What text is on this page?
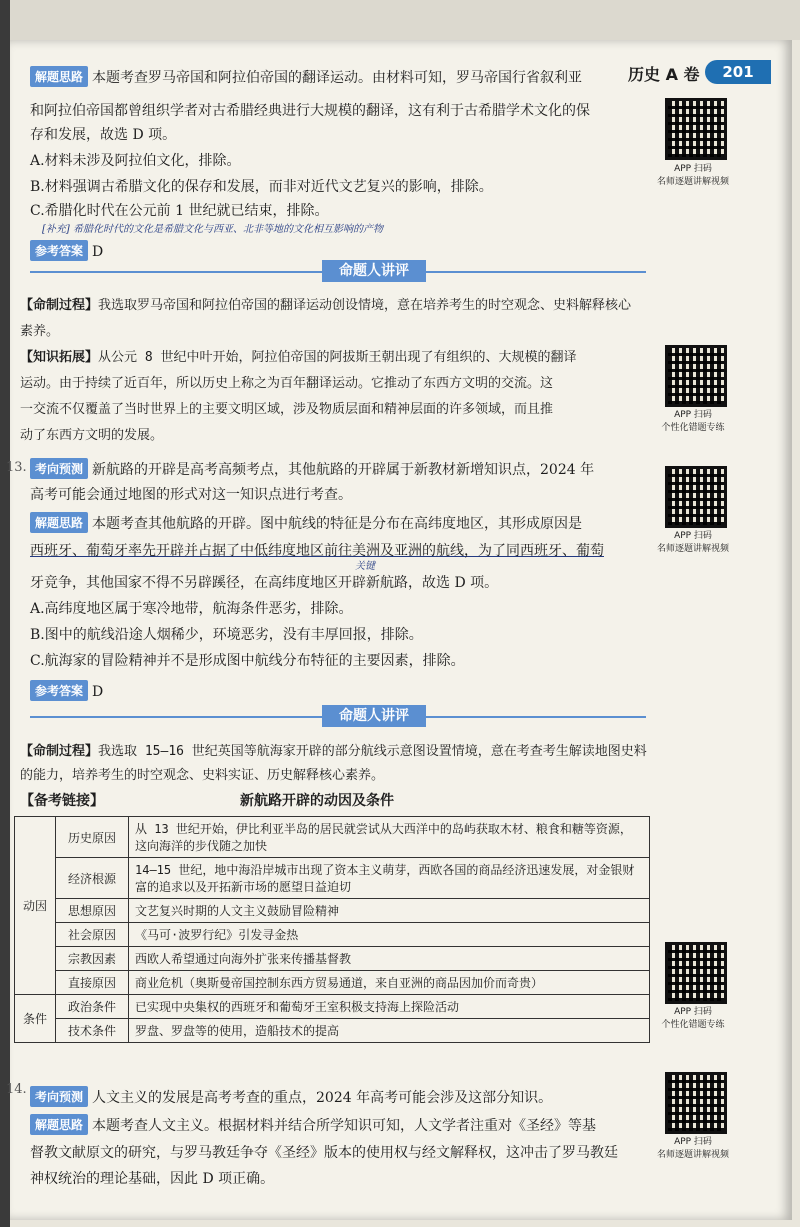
历史 A 卷	201
解题思路 本题考查罗马帝国和阿拉伯帝国的翻译运动。由材料可知，罗马帝国行省叙利亚
和阿拉伯帝国都曾组织学者对古希腊经典进行大规模的翻译，这有利于古希腊学术文化的保
存和发展，故选 D 项。
A.材料未涉及阿拉伯文化，排除。
B.材料强调古希腊文化的保存和发展，而非对近代文艺复兴的影响，排除。
C.希腊化时代在公元前 1 世纪就已结束，排除。
[补充] 希腊化时代的文化是希腊文化与西亚、北非等地的文化相互影响的产物
参考答案 D
命题人讲评
【命制过程】我选取罗马帝国和阿拉伯帝国的翻译运动创设情境，意在培养考生的时空观念、史料解释核心
素养。
【知识拓展】从公元 8 世纪中叶开始，阿拉伯帝国的阿拔斯王朝出现了有组织的、大规模的翻译
运动。由于持续了近百年，所以历史上称之为百年翻译运动。它推动了东西方文明的交流。这
一交流不仅覆盖了当时世界上的主要文明区域，涉及物质层面和精神层面的许多领域，而且推
动了东西方文明的发展。
13. 考向预测 新航路的开辟是高考高频考点，其他航路的开辟属于新教材新增知识点，2024 年
高考可能会通过地图的形式对这一知识点进行考查。
解题思路 本题考查其他航路的开辟。图中航线的特征是分布在高纬度地区，其形成原因是
西班牙、葡萄牙率先开辟并占据了中低纬度地区前往美洲及亚洲的航线，为了同西班牙、葡萄
关键
牙竞争，其他国家不得不另辟蹊径，在高纬度地区开辟新航路，故选 D 项。
A.高纬度地区属于寒冷地带，航海条件恶劣，排除。
B.图中的航线沿途人烟稀少，环境恶劣，没有丰厚回报，排除。
C.航海家的冒险精神并不是形成图中航线分布特征的主要因素，排除。
参考答案 D
命题人讲评
【命制过程】我选取 15—16 世纪英国等航海家开辟的部分航线示意图设置情境，意在考查考生解读地图史料
的能力，培养考生的时空观念、史料实证、历史解释核心素养。
【备考链接】	新航路开辟的动因及条件
动因	历史原因	从 13 世纪开始，伊比利亚半岛的居民就尝试从大西洋中的岛屿获取木材、粮食和糖等资源，这向海洋的步伐随之加快
	经济根源	14—15 世纪，地中海沿岸城市出现了资本主义萌芽，西欧各国的商品经济迅速发展，对金银财富的追求以及开拓新市场的愿望日益迫切
	思想原因	文艺复兴时期的人文主义鼓励冒险精神
	社会原因	《马可·波罗行纪》引发寻金热
	宗教因素	西欧人希望通过向海外扩张来传播基督教
	直接原因	商业危机（奥斯曼帝国控制东西方贸易通道，来自亚洲的商品因加价而奇贵）
条件	政治条件	已实现中央集权的西班牙和葡萄牙王室积极支持海上探险活动
	技术条件	罗盘、罗盘等的使用，造船技术的提高
14. 考向预测 人文主义的发展是高考考查的重点，2024 年高考可能会涉及这部分知识。
解题思路 本题考查人文主义。根据材料并结合所学知识可知，人文学者注重对《圣经》等基
督教文献原文的研究，与罗马教廷争夺《圣经》版本的使用权与经文解释权，这冲击了罗马教廷
神权统治的理论基础，因此 D 项正确。
APP 扫码
名师逐题讲解视频
APP 扫码
个性化错题专练
APP 扫码
名师逐题讲解视频
APP 扫码
个性化错题专练
APP 扫码
名师逐题讲解视频
